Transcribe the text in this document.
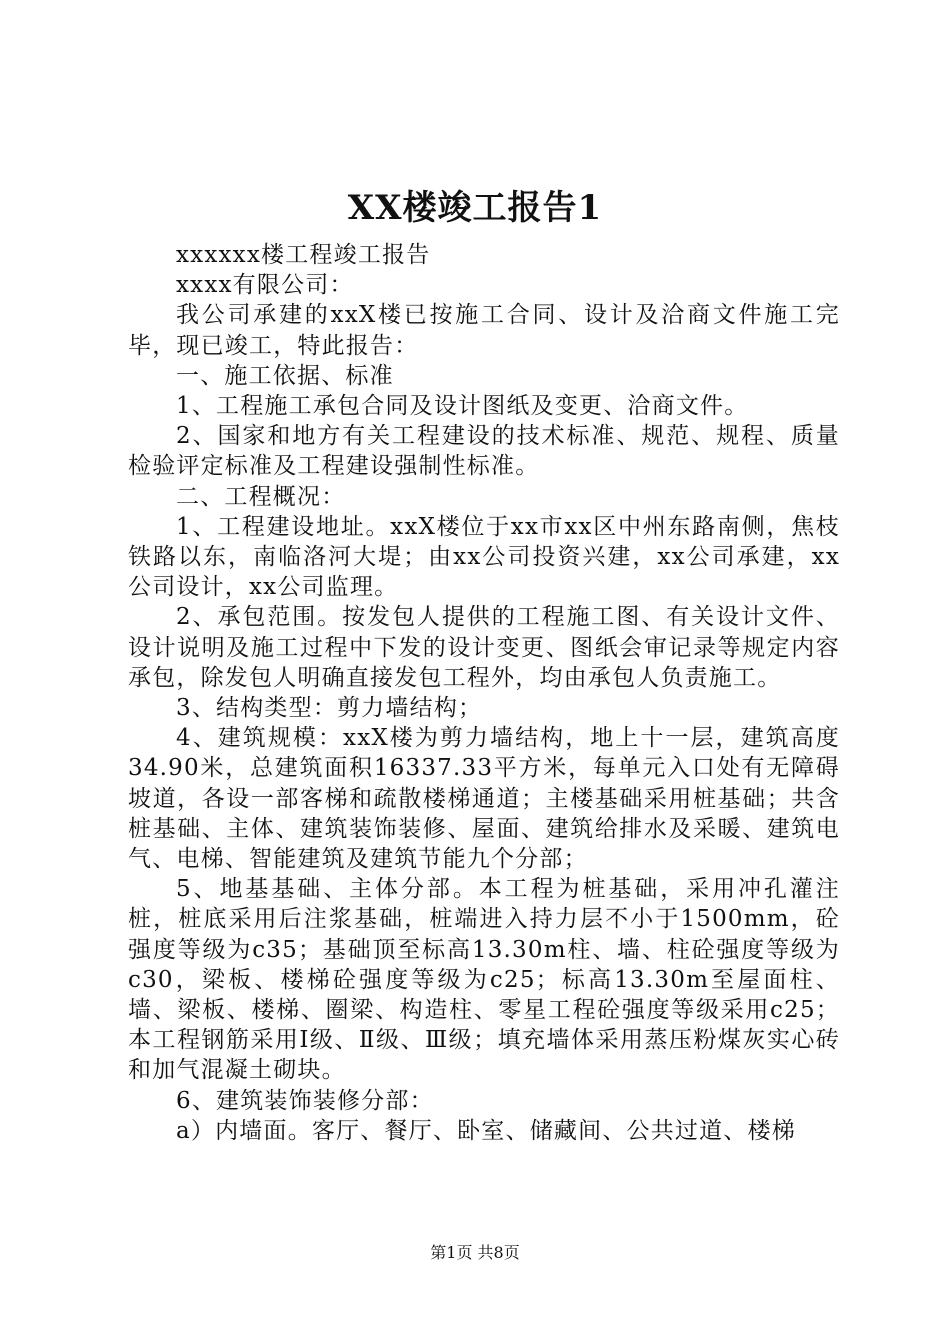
XX楼竣工报告1

xxxxxx楼工程竣工报告

xxxx有限公司：

我公司承建的xxX楼已按施工合同、设计及洽商文件施工完毕，现已竣工，特此报告：

一、施工依据、标准

1、工程施工承包合同及设计图纸及变更、洽商文件。

2、国家和地方有关工程建设的技术标准、规范、规程、质量检验评定标准及工程建设强制性标准。

二、工程概况：

1、工程建设地址。xxX楼位于xx市xx区中州东路南侧，焦枝铁路以东，南临洛河大堤；由xx公司投资兴建，xx公司承建，xx公司设计，xx公司监理。

2、承包范围。按发包人提供的工程施工图、有关设计文件、设计说明及施工过程中下发的设计变更、图纸会审记录等规定内容承包，除发包人明确直接发包工程外，均由承包人负责施工。

3、结构类型：剪力墙结构；

4、建筑规模：xxX楼为剪力墙结构，地上十一层，建筑高度34.90米，总建筑面积16337.33平方米，每单元入口处有无障碍坡道，各设一部客梯和疏散楼梯通道；主楼基础采用桩基础；共含桩基础、主体、建筑装饰装修、屋面、建筑给排水及采暖、建筑电气、电梯、智能建筑及建筑节能九个分部；

5、地基基础、主体分部。本工程为桩基础，采用冲孔灌注桩，桩底采用后注浆基础，桩端进入持力层不小于1500mm，砼强度等级为c35；基础顶至标高13.30m柱、墙、柱砼强度等级为c30，梁板、楼梯砼强度等级为c25；标高13.30m至屋面柱、墙、梁板、楼梯、圈梁、构造柱、零星工程砼强度等级采用c25；本工程钢筋采用Ⅰ级、Ⅱ级、Ⅲ级；填充墙体采用蒸压粉煤灰实心砖和加气混凝土砌块。

6、建筑装饰装修分部：

a）内墙面。客厅、餐厅、卧室、储藏间、公共过道、楼梯

第1页 共8页
